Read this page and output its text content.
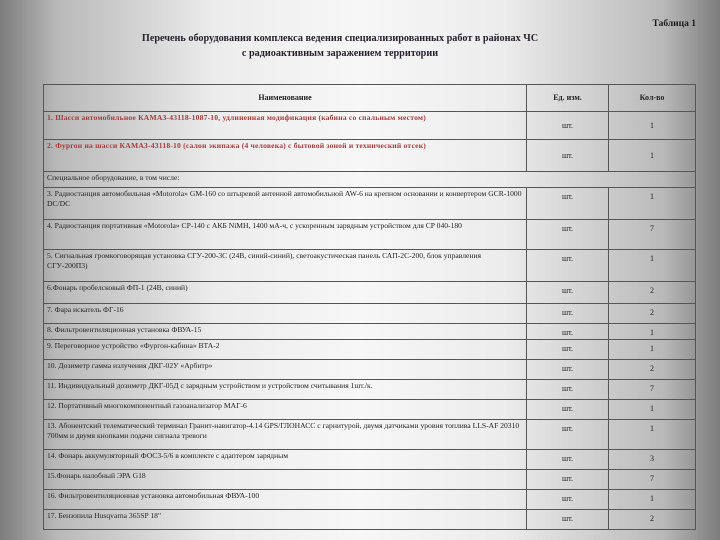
Таблица 1
Перечень оборудования комплекса ведения специализированных работ в районах ЧС
с радиоактивным заражением территории
Наименование	Ед. изм.	Кол-во
1. Шасси автомобильное КАМАЗ-43118-1087-10, удлиненная модификация (кабина со спальным местом)	шт.	1
2. Фургон на шасси КАМАЗ-43118-10 (салон экипажа (4 человека) с бытовой зоной и технический отсек)	шт.	1
Специальное оборудование, в том числе:		
3. Радиостанция автомобильная «Motorola» GM-160 со штыревой антенной автомобильной AW-6 на крепном основании и конвертером GCR-1000 DC/DC	шт.	1
4. Радиостанция портативная «Motorola» CP-140 с АКБ NiMH, 1400 мА-ч, с ускоренным зарядным устройством для CP 040-180	шт.	7
5. Сигнальная громкоговорящая установка СГУ-200-3С (24В, синий-синий), светоакустическая панель САП-2С-200, блок управления СГУ-200П3)	шт.	1
6.Фонарь пробелсковый ФП-1 (24В, синий)	шт.	2
7. Фара искатель ФГ-16	шт.	2
8. Фильтровентиляционная установка ФВУА-15	шт.	1
9. Переговорное устройство «Фургон-кабина» ВТА-2	шт.	1
10. Дозиметр гамма излучения ДКГ-02У «Арбитр»	шт.	2
11. Индивидуальный дозиметр ДКГ-05Д с зарядным устройством и устройством считывания 1шт./к.	шт.	7
12. Портативный многокомпонентный газоанализатор МАГ-6	шт.	1
13. Абонентский телематический терминал Гранит-навигатор-4.14 GPS/ГЛОНАСС с гарнитурой, двумя датчиками уровня топлива LLS-AF 20310 700мм и двумя кнопками подачи сигнала тревоги	шт.	1
14. Фонарь аккумуляторный ФОС3-5/6 в комплекте с адаптером зарядным	шт.	3
15.Фонарь налобный ЭРА G18	шт.	7
16. Фильтровентиляционная установка автомобильная ФВУА-100	шт.	1
17. Бензопила Husqvarna 365SP 18"	шт.	2
